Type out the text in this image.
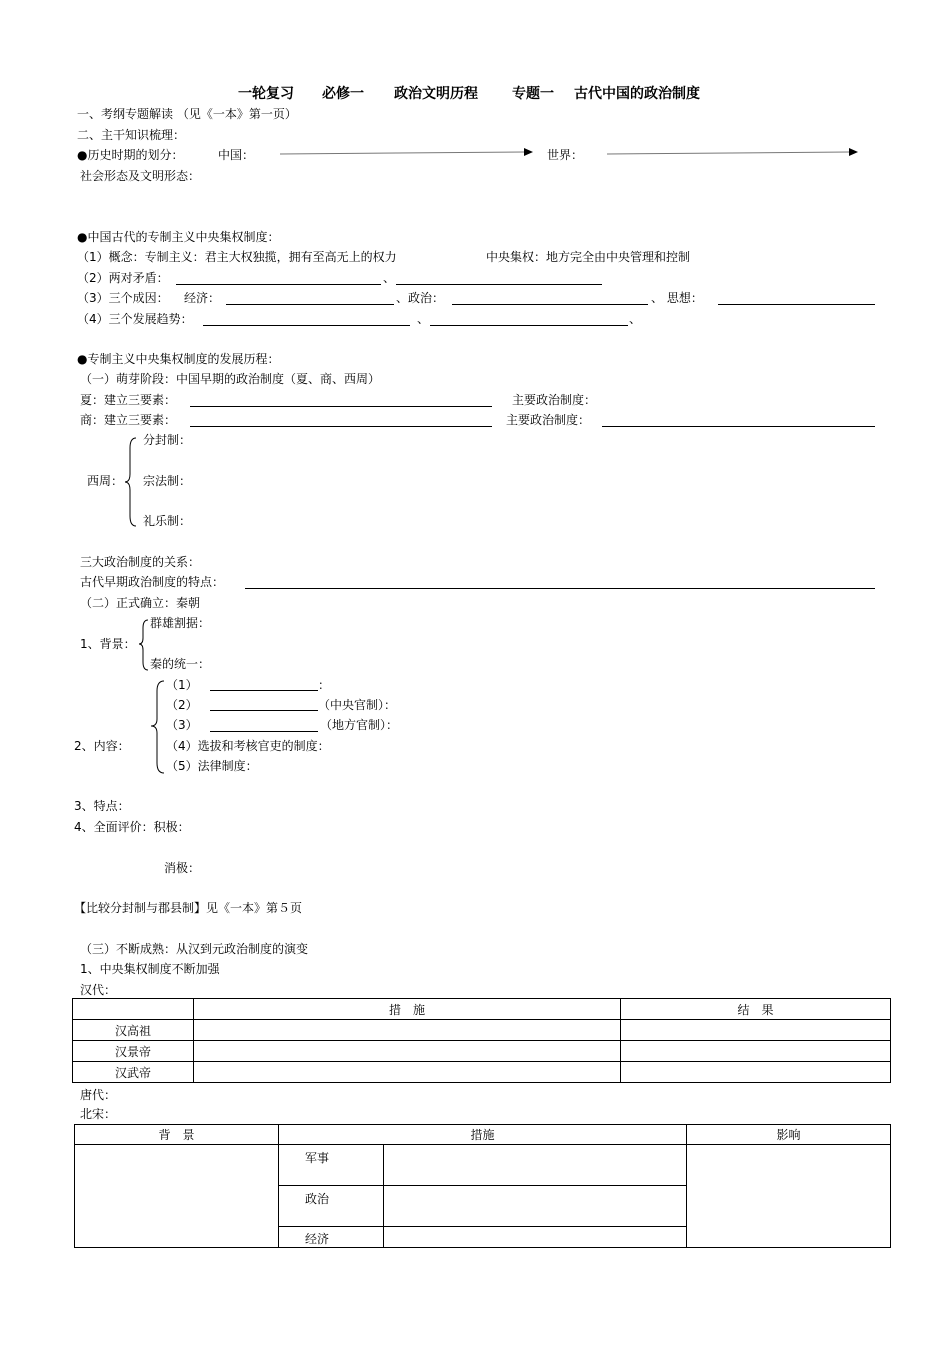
一轮复习 必修一 政治文明历程 专题一 古代中国的政治制度
一、考纲专题解读 （见《一本》第一页）
二、主干知识梳理：
●历史时期的划分：	中国：	世界：
社会形态及文明形态：
●中国古代的专制主义中央集权制度：
（1）概念：专制主义：君主大权独揽，拥有至高无上的权力	中央集权：地方完全由中央管理和控制
（2）两对矛盾：	、
（3）三个成因： 经济：	、政治：	、 思想：
（4）三个发展趋势：	、	、
●专制主义中央集权制度的发展历程：
（一）萌芽阶段：中国早期的政治制度（夏、商、西周）
夏：建立三要素：	主要政治制度：
商：建立三要素：	主要政治制度：
西周：
分封制：
宗法制：
礼乐制：
三大政治制度的关系：
古代早期政治制度的特点：
（二）正式确立：秦朝
1、背景：
群雄割据：
秦的统一：
2、内容：
（1）	：
（2）	（中央官制）：
（3）	（地方官制）：
（4）选拔和考核官吏的制度：
（5）法律制度：
3、特点：
4、全面评价：积极：
消极：
【比较分封制与郡县制】见《一本》第５页
（三）不断成熟：从汉到元政治制度的演变
1、中央集权制度不断加强
汉代：
	措　施	结　果
汉高祖		
汉景帝		
汉武帝		
唐代：
北宋：
背　景	措施		影响
	军事		
	政治		
	经济		
